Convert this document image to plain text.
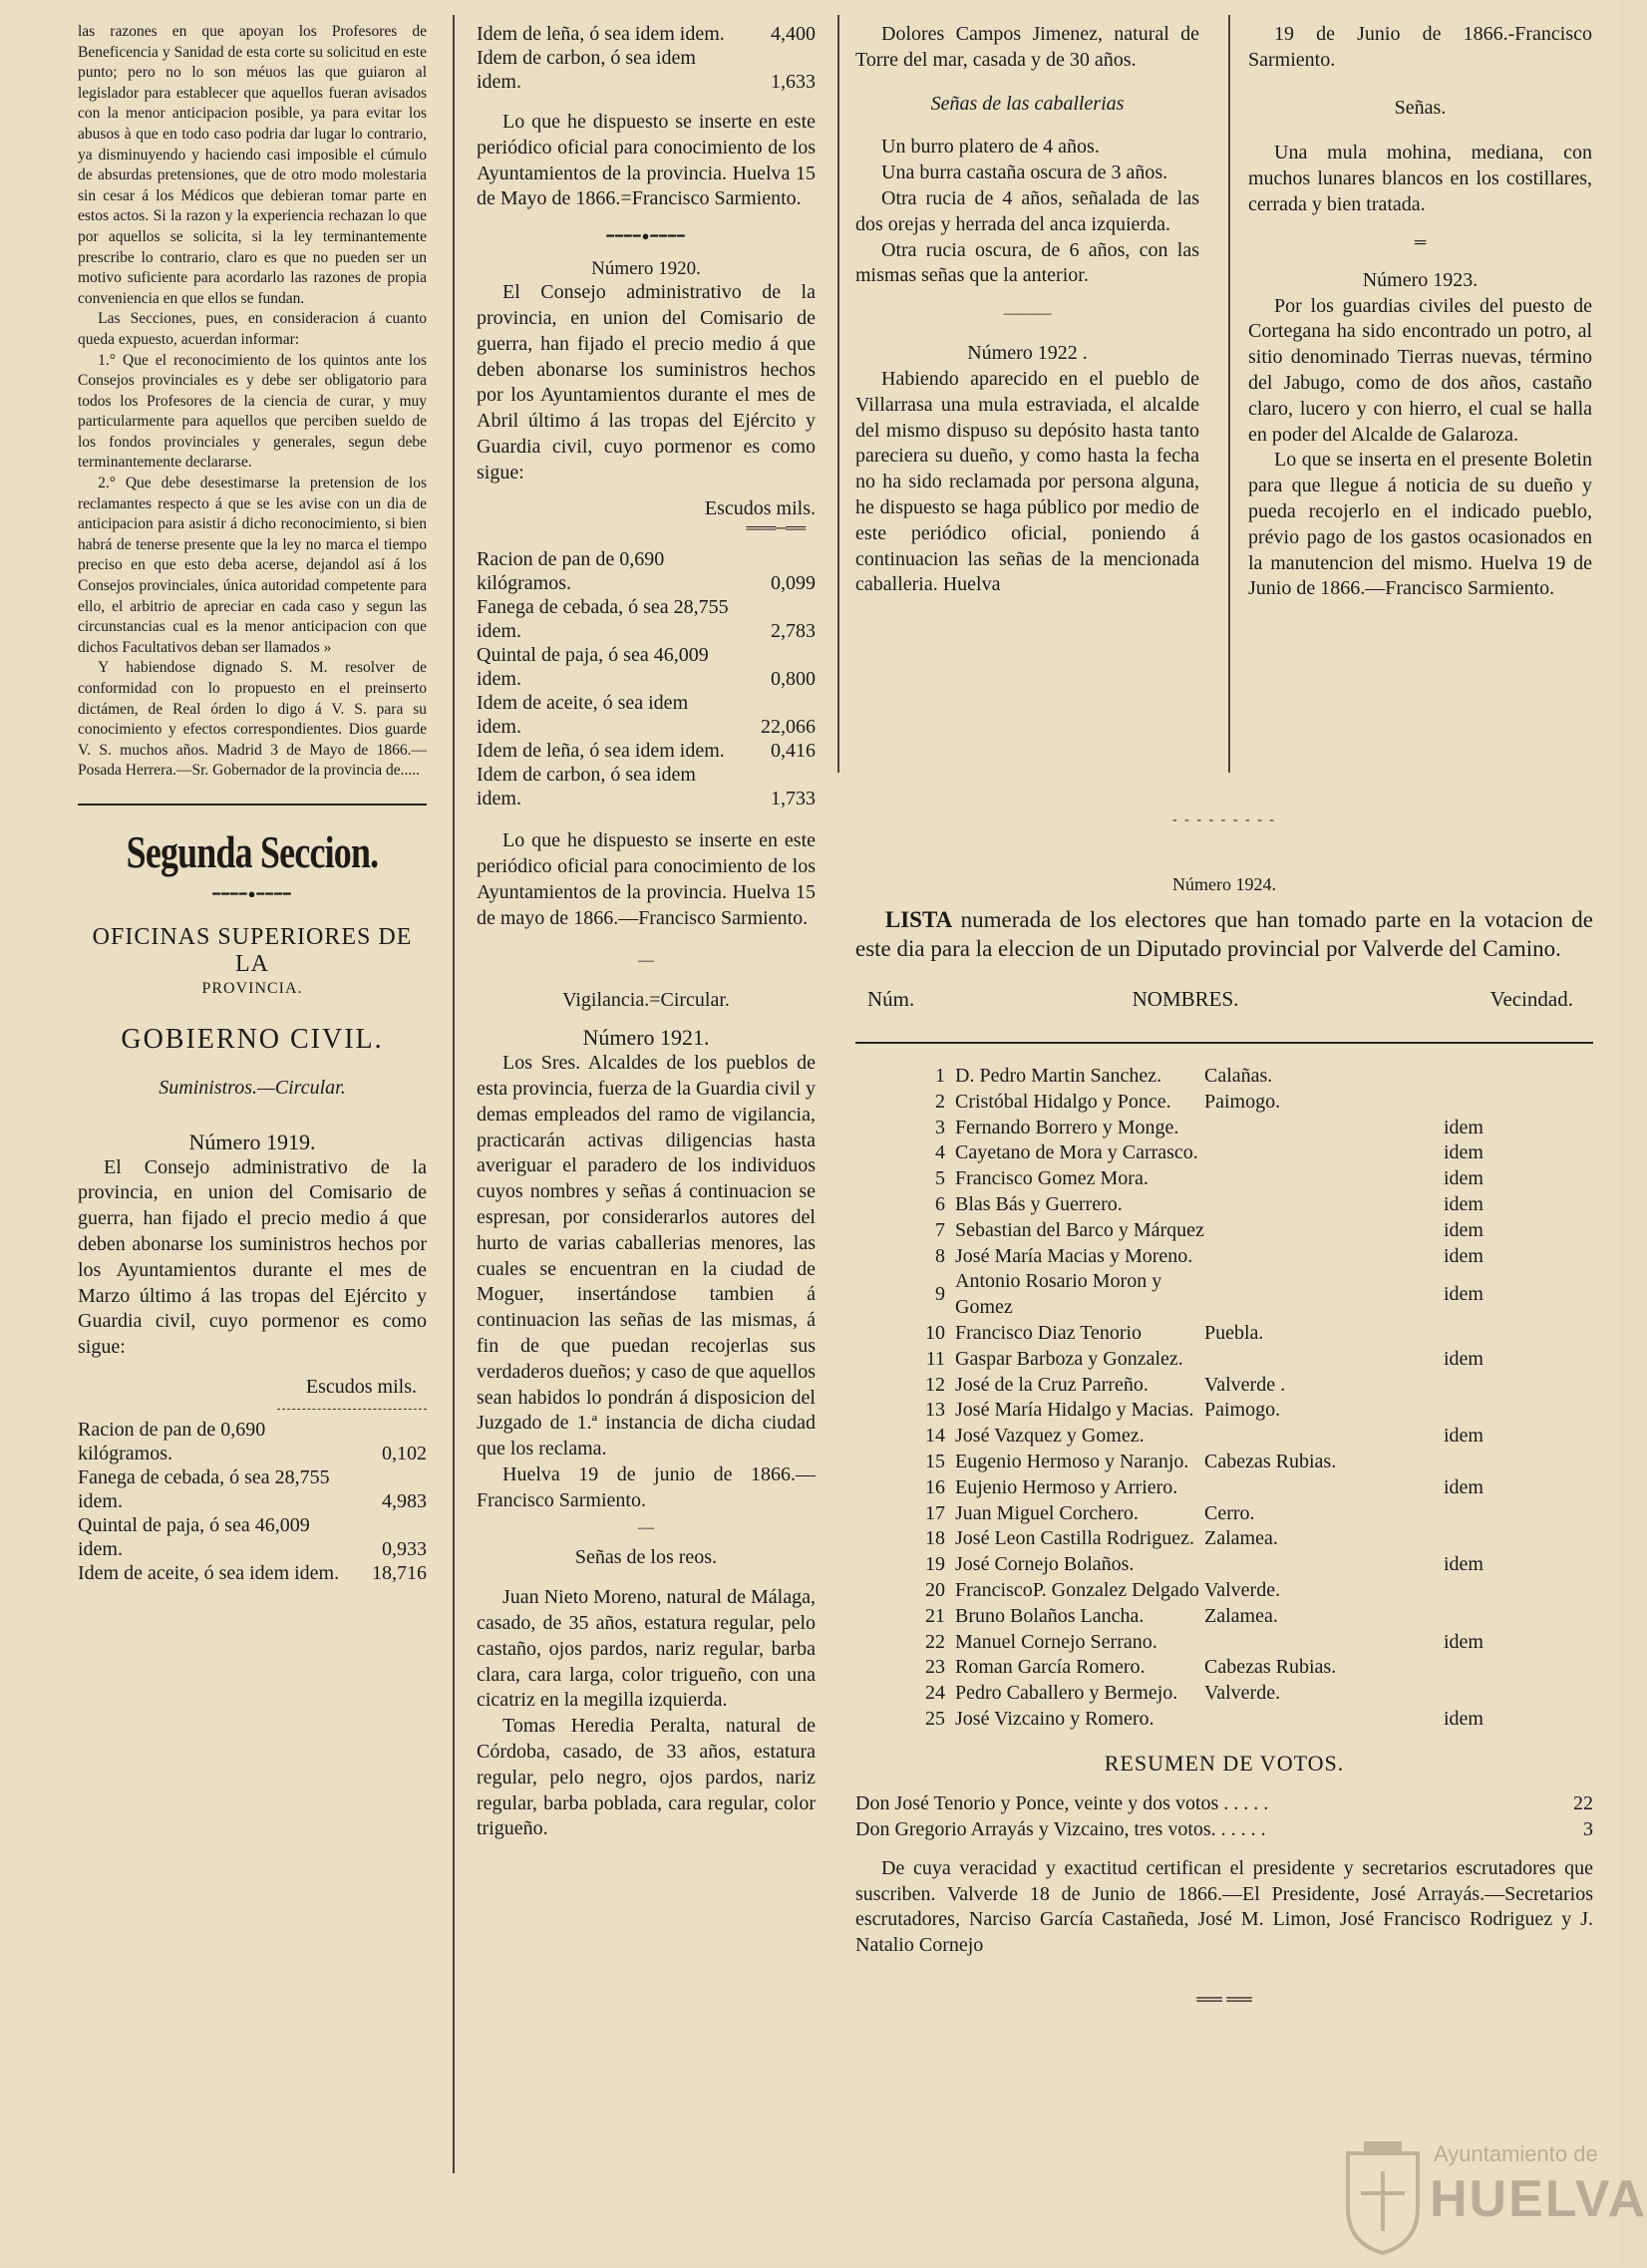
las razones en que apoyan los Profesores de Beneficencia y Sanidad de esta corte su solicitud en este punto; pero no lo son méuos las que guiaron al legislador para establecer que aquellos fueran avisados con la menor anticipacion posible, ya para evitar los abusos à que en todo caso podria dar lugar lo contrario, ya disminuyendo y haciendo casi imposible el cúmulo de absurdas pretensiones, que de otro modo molestaria sin cesar á los Médicos que debieran tomar parte en estos actos. Si la razon y la experiencia rechazan lo que por aquellos se solicita, si la ley terminantemente prescribe lo contrario, claro es que no pueden ser un motivo suficiente para acordarlo las razones de propia conveniencia en que ellos se fundan.

Las Secciones, pues, en consideracion á cuanto queda expuesto, acuerdan informar:

1.° Que el reconocimiento de los quintos ante los Consejos provinciales es y debe ser obligatorio para todos los Profesores de la ciencia de curar, y muy particularmente para aquellos que perciben sueldo de los fondos provinciales y generales, segun debe terminantemente declararse.

2.° Que debe desestimarse la pretension de los reclamantes respecto á que se les avise con un dia de anticipacion para asistir á dicho reconocimiento, si bien habrá de tenerse presente que la ley no marca el tiempo preciso en que esto deba acerse, dejandol así á los Consejos provinciales, única autoridad competente para ello, el arbitrio de apreciar en cada caso y segun las circunstancias cual es la menor anticipacion con que dichos Facultativos deban ser llamados »

Y habiendose dignado S. M. resolver de conformidad con lo propuesto en el preinserto dictámen, de Real órden lo digo á V. S. para su conocimiento y efectos correspondientes. Dios guarde V. S. muchos años. Madrid 3 de Mayo de 1866.—Posada Herrera.—Sr. Gobernador de la provincia de.....

Segunda Seccion.
━━━━●━━━━
OFICINAS SUPERIORES DE LA
PROVINCIA.
GOBIERNO CIVIL.
Suministros.—Circular.
Número 1919.

El Consejo administrativo de la provincia, en union del Comisario de guerra, han fijado el precio medio á que deben abonarse los suministros hechos por los Ayuntamientos durante el mes de Marzo último á las tropas del Ejército y Guardia civil, cuyo pormenor es como sigue:

Escudos mils.
Racion de pan de 0,690 kilógramos.	0,102
Fanega de cebada, ó sea 28,755 idem.	4,983
Quintal de paja, ó sea 46,009 idem.	0,933
Idem de aceite, ó sea idem idem.	18,716
Idem de leña, ó sea idem idem.	4,400
Idem de carbon, ó sea idem idem.	1,633

Lo que he dispuesto se inserte en este periódico oficial para conocimiento de los Ayuntamientos de la provincia. Huelva 15 de Mayo de 1866.=Francisco Sarmiento.

━━━━●━━━━
Número 1920.

El Consejo administrativo de la provincia, en union del Comisario de guerra, han fijado el precio medio á que deben abonarse los suministros hechos por los Ayuntamientos durante el mes de Abril último á las tropas del Ejército y Guardia civil, cuyo pormenor es como sigue:

Escudos mils.
═══─══
Racion de pan de 0,690 kilógramos.	0,099
Fanega de cebada, ó sea 28,755 idem.	2,783
Quintal de paja, ó sea 46,009 idem.	0,800
Idem de aceite, ó sea idem idem.	22,066
Idem de leña, ó sea idem idem.	0,416
Idem de carbon, ó sea idem idem.	1,733

Lo que he dispuesto se inserte en este periódico oficial para conocimiento de los Ayuntamientos de la provincia. Huelva 15 de mayo de 1866.—Francisco Sarmiento.

—
Vigilancia.=Circular.
Número 1921.

Los Sres. Alcaldes de los pueblos de esta provincia, fuerza de la Guardia civil y demas empleados del ramo de vigilancia, practicarán activas diligencias hasta averiguar el paradero de los individuos cuyos nombres y señas á continuacion se espresan, por considerarlos autores del hurto de varias caballerias menores, las cuales se encuentran en la ciudad de Moguer, insertándose tambien á continuacion las señas de las mismas, á fin de que puedan recojerlas sus verdaderos dueños; y caso de que aquellos sean habidos lo pondrán á disposicion del Juzgado de 1.ª instancia de dicha ciudad que los reclama.

Huelva 19 de junio de 1866.—Francisco Sarmiento.

—
Señas de los reos.

Juan Nieto Moreno, natural de Málaga, casado, de 35 años, estatura regular, pelo castaño, ojos pardos, nariz regular, barba clara, cara larga, color trigueño, con una cicatriz en la megilla izquierda.

Tomas Heredia Peralta, natural de Córdoba, casado, de 33 años, estatura regular, pelo negro, ojos pardos, nariz regular, barba poblada, cara regular, color trigueño.

Dolores Campos Jimenez, natural de Torre del mar, casada y de 30 años.

Señas de las caballerias

Un burro platero de 4 años.

Una burra castaña oscura de 3 años.

Otra rucia de 4 años, señalada de las dos orejas y herrada del anca izquierda.

Otra rucia oscura, de 6 años, con las mismas señas que la anterior.

———
Número 1922 .

Habiendo aparecido en el pueblo de Villarrasa una mula estraviada, el alcalde del mismo dispuso su depósito hasta tanto pareciera su dueño, y como hasta la fecha no ha sido reclamada por persona alguna, he dispuesto se haga público por medio de este periódico oficial, poniendo á continuacion las señas de la mencionada caballeria. Huelva

19 de Junio de 1866.-Francisco Sarmiento.

Señas.

Una mula mohina, mediana, con muchos lunares blancos en los costillares, cerrada y bien tratada.

═
Número 1923.

Por los guardias civiles del puesto de Cortegana ha sido encontrado un potro, al sitio denominado Tierras nuevas, término del Jabugo, como de dos años, castaño claro, lucero y con hierro, el cual se halla en poder del Alcalde de Galaroza.

Lo que se inserta en el presente Boletin para que llegue á noticia de su dueño y pueda recojerlo en el indicado pueblo, prévio pago de los gastos ocasionados en la manutencion del mismo. Huelva 19 de Junio de 1866.—Francisco Sarmiento.

- - - - - - - - -
Número 1924.

LISTA numerada de los electores que han tomado parte en la votacion de este dia para la eleccion de un Diputado provincial por Valverde del Camino.

Núm.	NOMBRES.	Vecindad.
1	D. Pedro Martin Sanchez.	Calañas.	
2	Cristóbal Hidalgo y Ponce.	Paimogo.	
3	Fernando Borrero y Monge.		idem
4	Cayetano de Mora y Carrasco.		idem
5	Francisco Gomez Mora.		idem
6	Blas Bás y Guerrero.		idem
7	Sebastian del Barco y Márquez		idem
8	José María Macias y Moreno.		idem
9	Antonio Rosario Moron y Gomez		idem
10	Francisco Diaz Tenorio	Puebla.	
11	Gaspar Barboza y Gonzalez.		idem
12	José de la Cruz Parreño.	Valverde .	
13	José María Hidalgo y Macias.	Paimogo.	
14	José Vazquez y Gomez.		idem
15	Eugenio Hermoso y Naranjo.	Cabezas Rubias.	
16	Eujenio Hermoso y Arriero.		idem
17	Juan Miguel Corchero.	Cerro.	
18	José Leon Castilla Rodriguez.	Zalamea.	
19	José Cornejo Bolaños.		idem
20	FranciscoP. Gonzalez Delgado	Valverde.	
21	Bruno Bolaños Lancha.	Zalamea.	
22	Manuel Cornejo Serrano.		idem
23	Roman García Romero.	Cabezas Rubias.	
24	Pedro Caballero y Bermejo.	Valverde.	
25	José Vizcaino y Romero.		idem
RESUMEN DE VOTOS.
Don José Tenorio y Ponce, veinte y dos votos . . . . .	22
Don Gregorio Arrayás y Vizcaino, tres votos. . . . . .	3

De cuya veracidad y exactitud certifican el presidente y secretarios escrutadores que suscriben. Valverde 18 de Junio de 1866.—El Presidente, José Arrayás.—Secretarios escrutadores, Narciso García Castañeda, José M. Limon, José Francisco Rodriguez y J. Natalio Cornejo

══ ══
Ayuntamiento de
HUELVA
